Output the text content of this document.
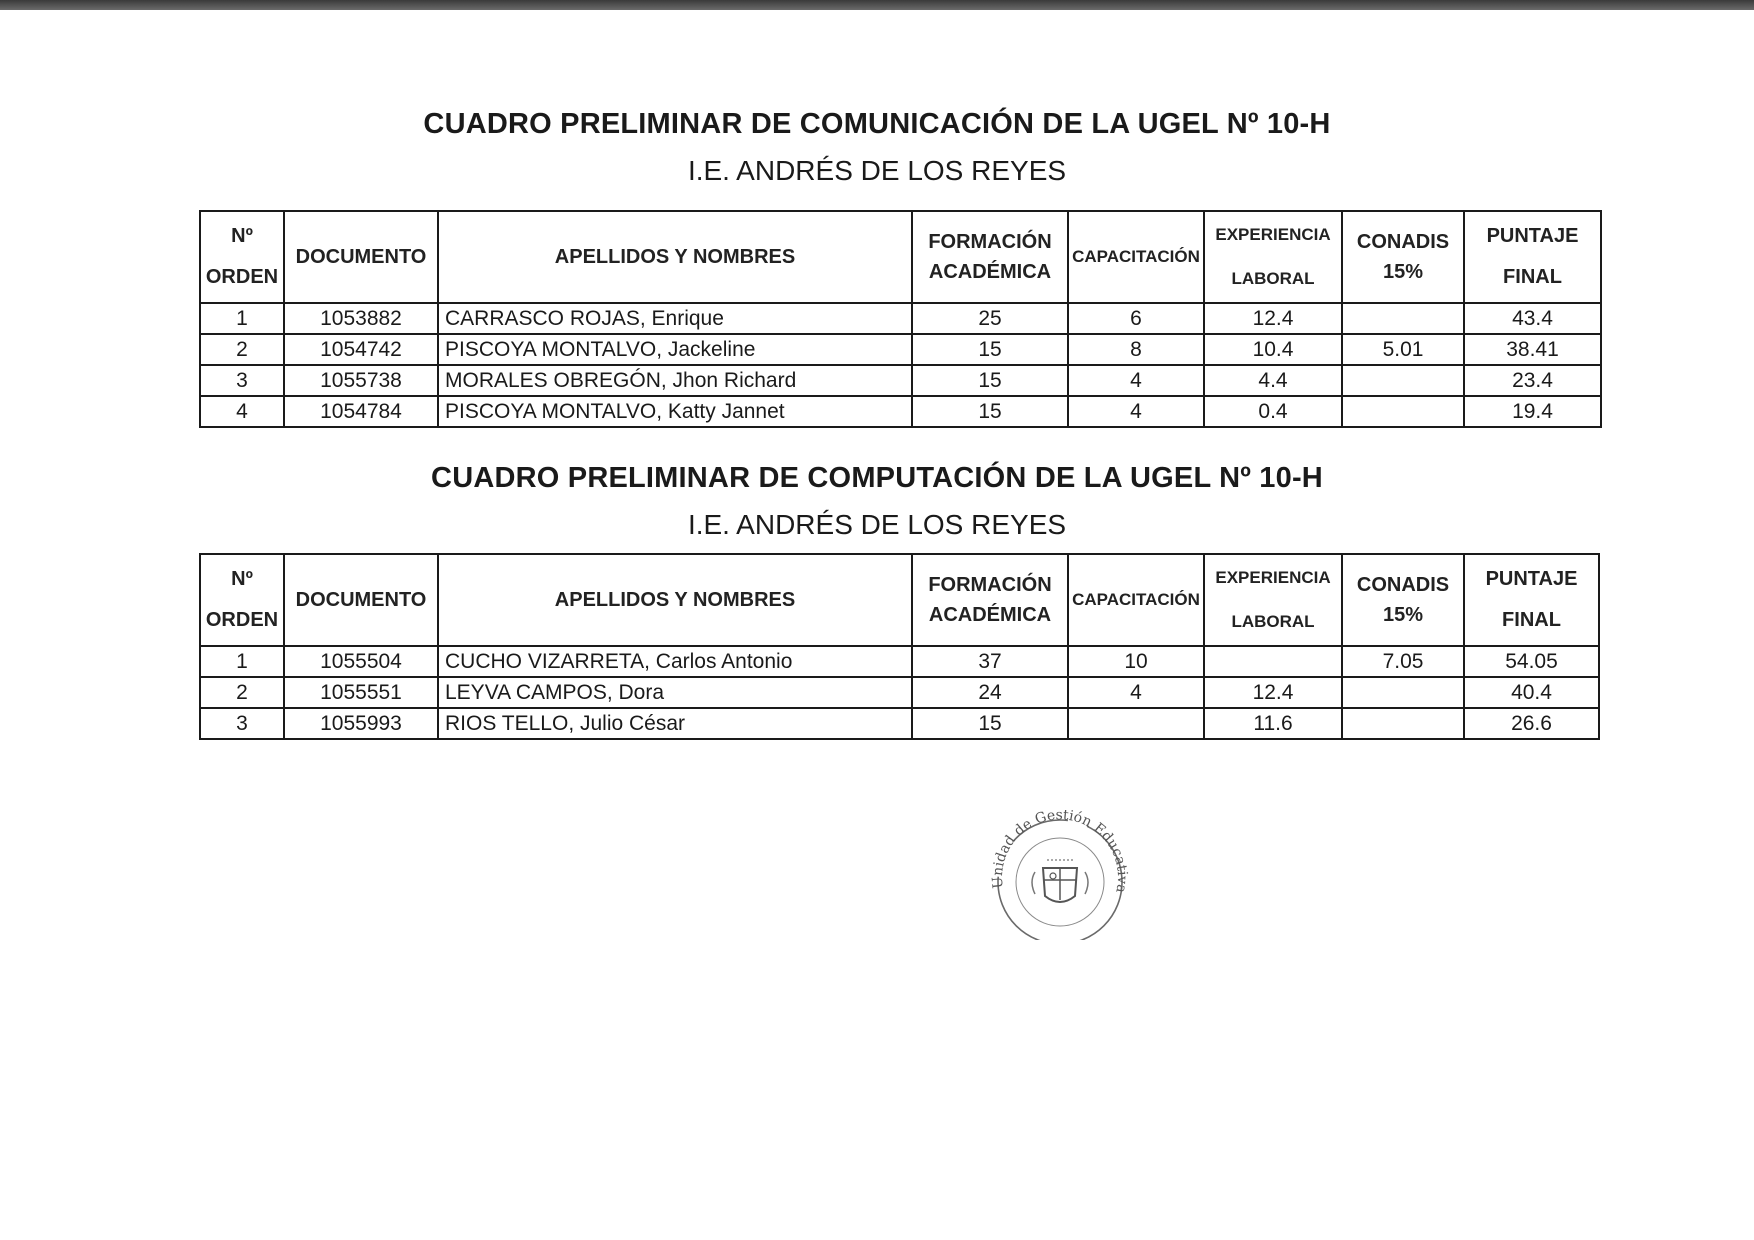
CUADRO PRELIMINAR DE COMUNICACIÓN DE LA UGEL Nº 10-H
I.E. ANDRÉS DE LOS REYES
Nº
ORDEN	DOCUMENTO	APELLIDOS Y NOMBRES	FORMACIÓN
ACADÉMICA	CAPACITACIÓN	EXPERIENCIA
LABORAL	CONADIS
15%	PUNTAJE
FINAL

1	1053882	CARRASCO ROJAS, Enrique	25	6	12.4		43.4
2	1054742	PISCOYA MONTALVO, Jackeline	15	8	10.4	5.01	38.41
3	1055738	MORALES OBREGÓN, Jhon Richard	15	4	4.4		23.4
4	1054784	PISCOYA MONTALVO, Katty Jannet	15	4	0.4		19.4
CUADRO PRELIMINAR DE COMPUTACIÓN DE LA UGEL Nº 10-H
I.E. ANDRÉS DE LOS REYES
Nº
ORDEN	DOCUMENTO	APELLIDOS Y NOMBRES	FORMACIÓN
ACADÉMICA	CAPACITACIÓN	EXPERIENCIA
LABORAL	CONADIS
15%	PUNTAJE
FINAL

1	1055504	CUCHO VIZARRETA, Carlos Antonio	37	10		7.05	54.05
2	1055551	LEYVA CAMPOS, Dora	24	4	12.4		40.4
3	1055993	RIOS TELLO, Julio César	15		11.6		26.6
Unidad de Gestión Educativa
